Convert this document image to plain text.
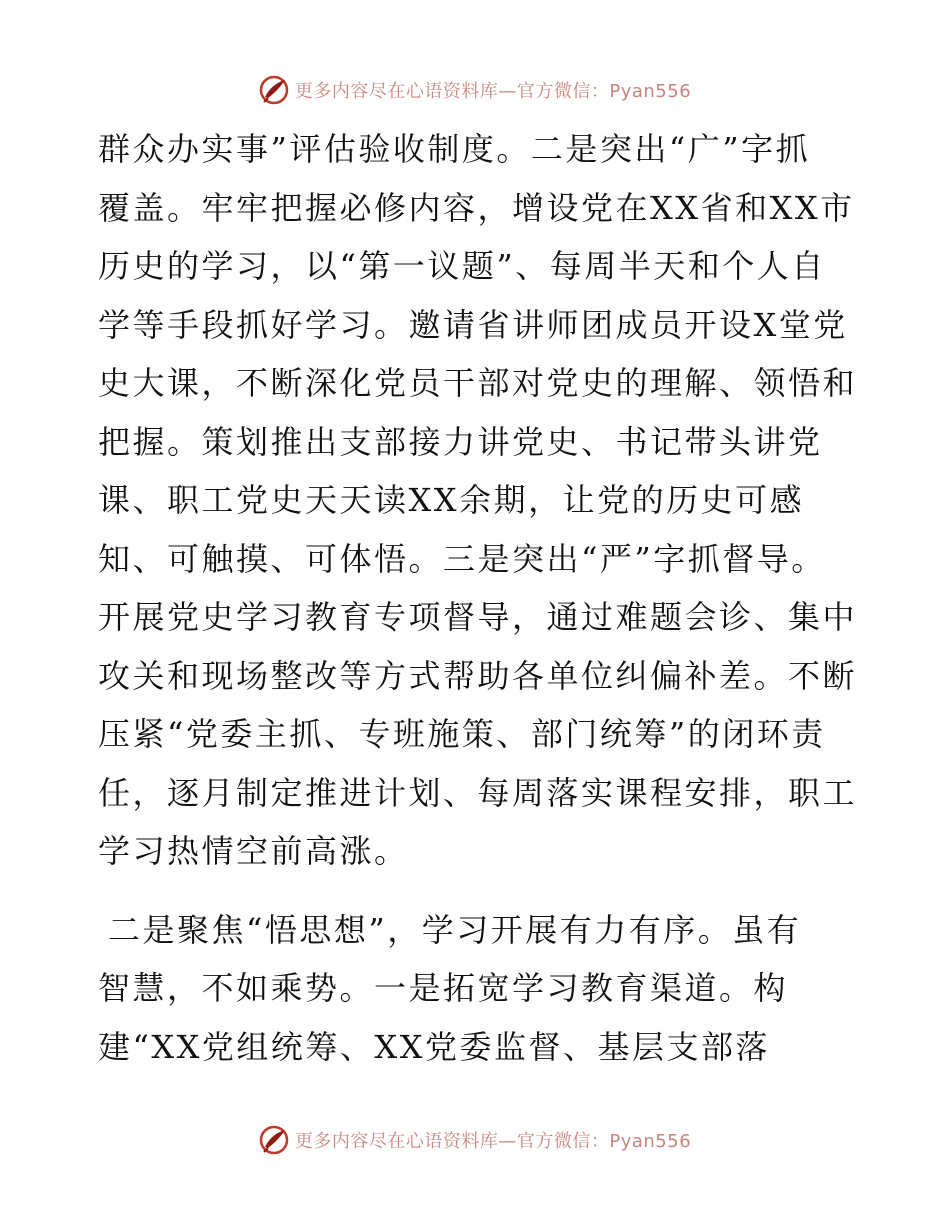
更多内容尽在心语资料库—官方微信：Pyan556
群众办实事”评估验收制度。二是突出“广”字抓
覆盖。牢牢把握必修内容，增设党在XX省和XX市
历史的学习，以“第一议题”、每周半天和个人自
学等手段抓好学习。邀请省讲师团成员开设X堂党
史大课，不断深化党员干部对党史的理解、领悟和
把握。策划推出支部接力讲党史、书记带头讲党
课、职工党史天天读XX余期，让党的历史可感
知、可触摸、可体悟。三是突出“严”字抓督导。
开展党史学习教育专项督导，通过难题会诊、集中
攻关和现场整改等方式帮助各单位纠偏补差。不断
压紧“党委主抓、专班施策、部门统筹”的闭环责
任，逐月制定推进计划、每周落实课程安排，职工
学习热情空前高涨。
二是聚焦“悟思想”，学习开展有力有序。虽有
智慧，不如乘势。一是拓宽学习教育渠道。构
建“XX党组统筹、XX党委监督、基层支部落
更多内容尽在心语资料库—官方微信：Pyan556
